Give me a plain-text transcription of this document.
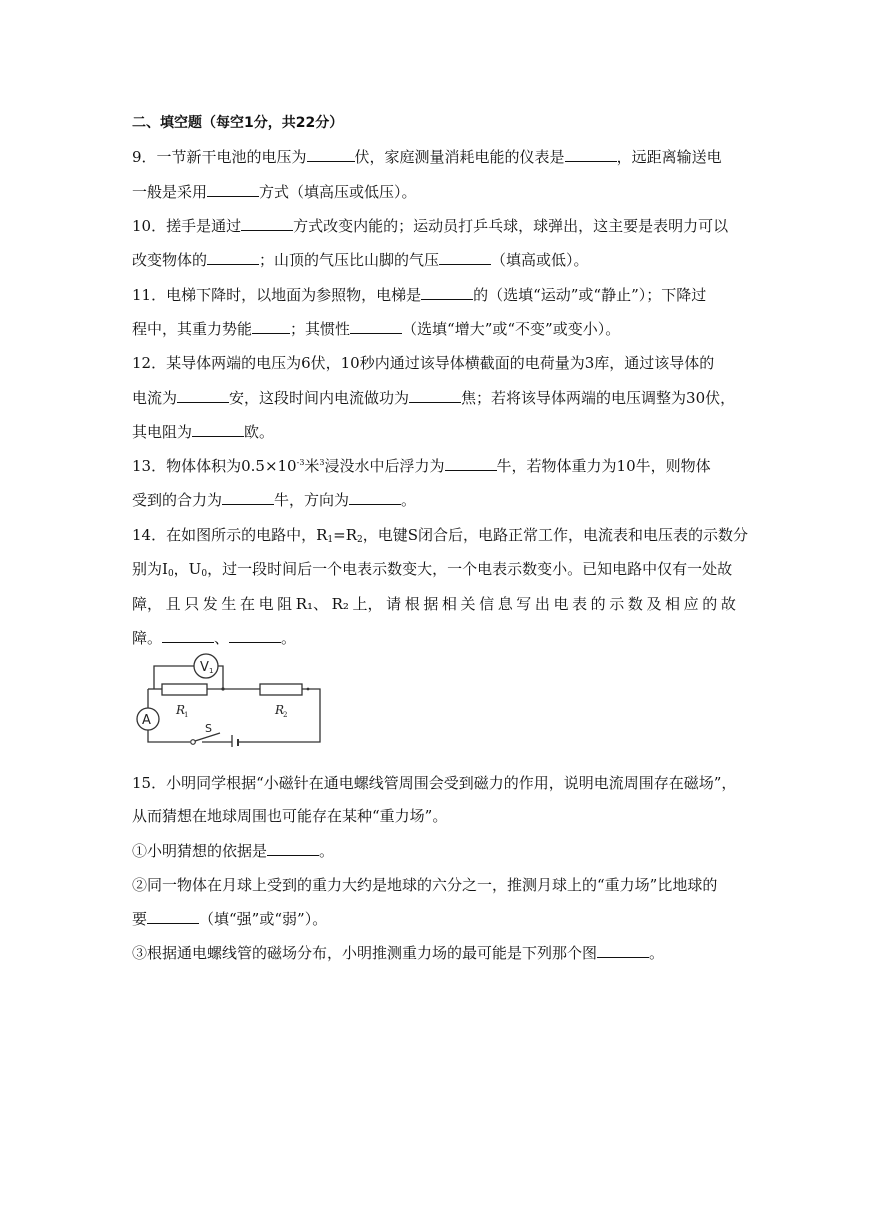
二、填空题（每空1分，共22分）
9．一节新干电池的电压为	伏，家庭测量消耗电能的仪表是	，远距离输送电
一般是采用	方式（填高压或低压）。
10．搓手是通过	方式改变内能的；运动员打乒乓球，球弹出，这主要是表明力可以
改变物体的	；山顶的气压比山脚的气压	（填高或低）。
11．电梯下降时，以地面为参照物，电梯是	的（选填“运动”或“静止”）；下降过
程中，其重力势能	；其惯性	（选填“增大”或“不变”或变小）。
12．某导体两端的电压为6伏，10秒内通过该导体横截面的电荷量为3库，通过该导体的
电流为	安，这段时间内电流做功为	焦；若将该导体两端的电压调整为30伏，
其电阻为	欧。
13．物体体积为$0.5\times 10^{-3}$米$^3$浸没水中后浮力为	牛，若物体重力为10牛，则物体
受到的合力为	牛，方向为	。
14．在如图所示的电路中，$R_1=R_2$，电键S闭合后，电路正常工作，电流表和电压表的示数分
别为$I_0$，$U_0$，过一段时间后一个电表示数变大，一个电表示数变小。已知电路中仅有一处故
障， 且 只 发 生 在 电 阻 R₁、 R₂ 上， 请 根 据 相 关 信 息 写 出 电 表 的 示 数 及 相 应 的 故
障。	、	。
V 1
A
R
1	R
2
S
15．小明同学根据“小磁针在通电螺线管周围会受到磁力的作用，说明电流周围存在磁场”，
从而猜想在地球周围也可能存在某种“重力场”。
①小明猜想的依据是	。
②同一物体在月球上受到的重力大约是地球的六分之一，推测月球上的“重力场”比地球的
要	（填“强”或“弱”）。
③根据通电螺线管的磁场分布，小明推测重力场的最可能是下列那个图	。
